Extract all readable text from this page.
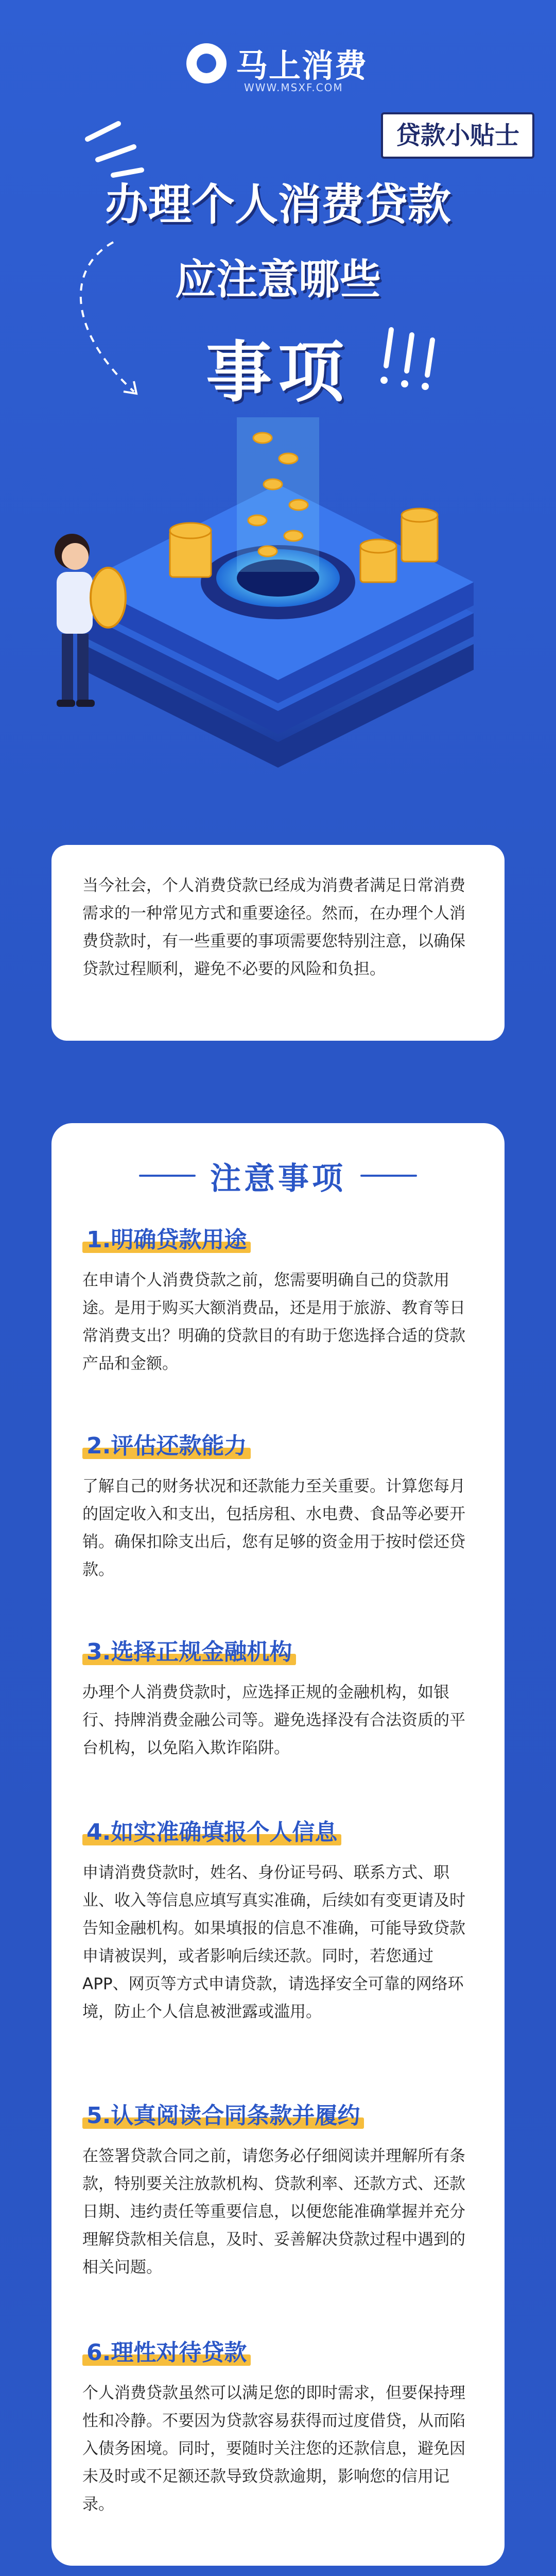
马上消费
WWW.MSXF.COM
贷款小贴士
办理个人消费贷款
应注意哪些
事项

当今社会，个人消费贷款已经成为消费者满足日常消费需求的一种常见方式和重要途径。然而，在办理个人消费贷款时，有一些重要的事项需要您特别注意，以确保贷款过程顺利，避免不必要的风险和负担。

注意事项
1.明确贷款用途

在申请个人消费贷款之前，您需要明确自己的贷款用途。是用于购买大额消费品，还是用于旅游、教育等日常消费支出？明确的贷款目的有助于您选择合适的贷款产品和金额。

2.评估还款能力

了解自己的财务状况和还款能力至关重要。计算您每月的固定收入和支出，包括房租、水电费、食品等必要开销。确保扣除支出后，您有足够的资金用于按时偿还贷款。

3.选择正规金融机构

办理个人消费贷款时，应选择正规的金融机构，如银行、持牌消费金融公司等。避免选择没有合法资质的平台机构，以免陷入欺诈陷阱。

4.如实准确填报个人信息

申请消费贷款时，姓名、身份证号码、联系方式、职业、收入等信息应填写真实准确，后续如有变更请及时告知金融机构。如果填报的信息不准确，可能导致贷款申请被误判，或者影响后续还款。同时，若您通过APP、网页等方式申请贷款，请选择安全可靠的网络环境，防止个人信息被泄露或滥用。

5.认真阅读合同条款并履约

在签署贷款合同之前，请您务必仔细阅读并理解所有条款，特别要关注放款机构、贷款利率、还款方式、还款日期、违约责任等重要信息，以便您能准确掌握并充分理解贷款相关信息，及时、妥善解决贷款过程中遇到的相关问题。

6.理性对待贷款

个人消费贷款虽然可以满足您的即时需求，但要保持理性和冷静。不要因为贷款容易获得而过度借贷，从而陷入债务困境。同时，要随时关注您的还款信息，避免因未及时或不足额还款导致贷款逾期，影响您的信用记录。
